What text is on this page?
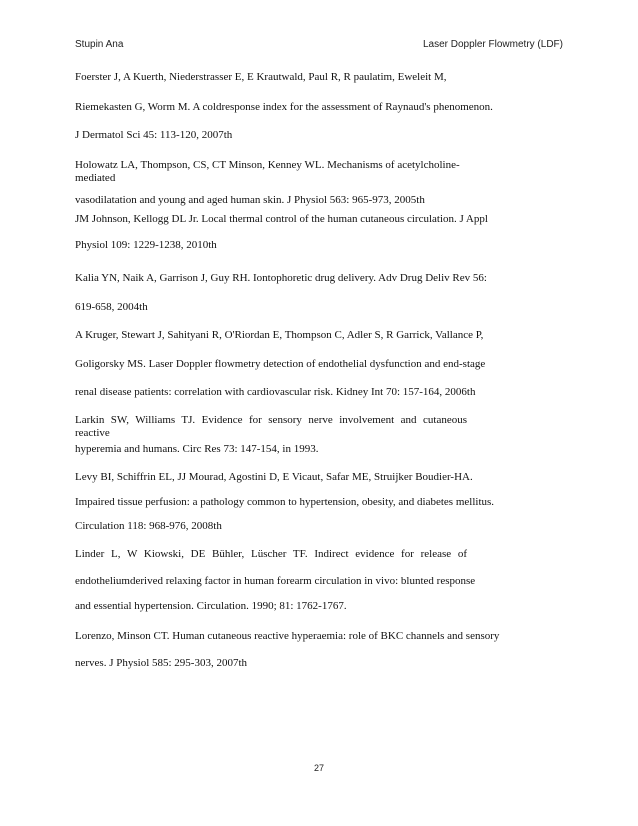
Stupin Ana	Laser Doppler Flowmetry (LDF)
Foerster J, A Kuerth, Niederstrasser E, E Krautwald, Paul R, R paulatim, Eweleit M,
Riemekasten G, Worm M. A coldresponse index for the assessment of Raynaud's phenomenon.
J Dermatol Sci 45: 113-120, 2007th
Holowatz LA, Thompson, CS, CT Minson, Kenney WL. Mechanisms of acetylcholine-
mediated
vasodilatation and young and aged human skin. J Physiol 563: 965-973, 2005th
JM Johnson, Kellogg DL Jr. Local thermal control of the human cutaneous circulation. J Appl
Physiol 109: 1229-1238, 2010th
Kalia YN, Naik A, Garrison J, Guy RH. Iontophoretic drug delivery. Adv Drug Deliv Rev 56:
619-658, 2004th
A Kruger, Stewart J, Sahityani R, O'Riordan E, Thompson C, Adler S, R Garrick, Vallance P,
Goligorsky MS. Laser Doppler flowmetry detection of endothelial dysfunction and end-stage
renal disease patients: correlation with cardiovascular risk. Kidney Int 70: 157-164, 2006th
Larkin SW, Williams TJ. Evidence for sensory nerve involvement and cutaneous reactive
hyperemia and humans. Circ Res 73: 147-154, in 1993.
Levy BI, Schiffrin EL, JJ Mourad, Agostini D, E Vicaut, Safar ME, Struijker Boudier-HA.
Impaired tissue perfusion: a pathology common to hypertension, obesity, and diabetes mellitus.
Circulation 118: 968-976, 2008th
Linder L, W Kiowski, DE Bühler, Lüscher TF. Indirect evidence for release of
endotheliumderived relaxing factor in human forearm circulation in vivo: blunted response
and essential hypertension. Circulation. 1990; 81: 1762-1767.
Lorenzo, Minson CT. Human cutaneous reactive hyperaemia: role of BKC channels and sensory
nerves. J Physiol 585: 295-303, 2007th
27
